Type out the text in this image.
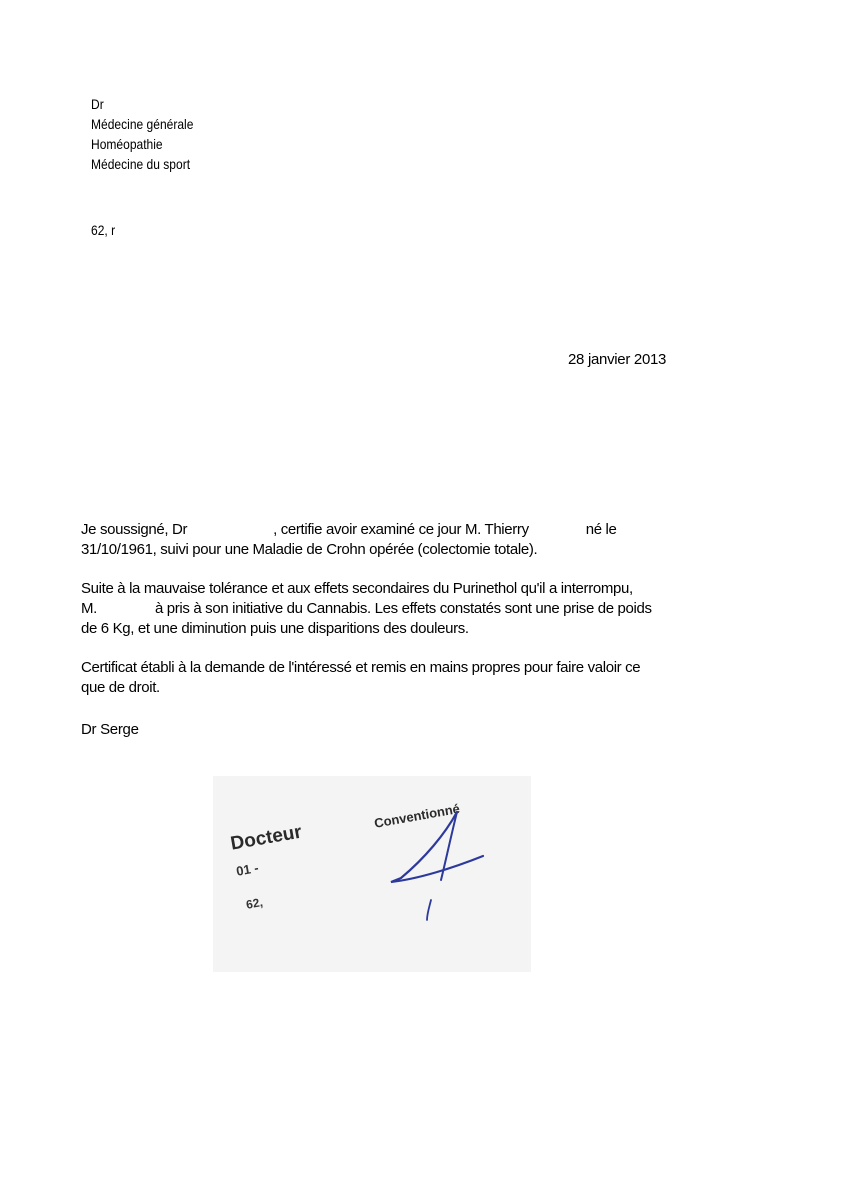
Dr
Médecine générale
Homéopathie
Médecine du sport
62, r
28 janvier 2013
Je soussigné, Dr	, certifie avoir examiné ce jour M. Thierry	né le
31/10/1961, suivi pour une Maladie de Crohn opérée (colectomie totale).
Suite à la mauvaise tolérance et aux effets secondaires du Purinethol qu'il a interrompu,
M.	à pris à son initiative du Cannabis. Les effets constatés sont une prise de poids
de 6 Kg, et une diminution puis une disparitions des douleurs.
Certificat établi à la demande de l'intéressé et remis en mains propres pour faire valoir ce
que de droit.
Dr Serge
Docteur
Conventionné
01 -
62,
